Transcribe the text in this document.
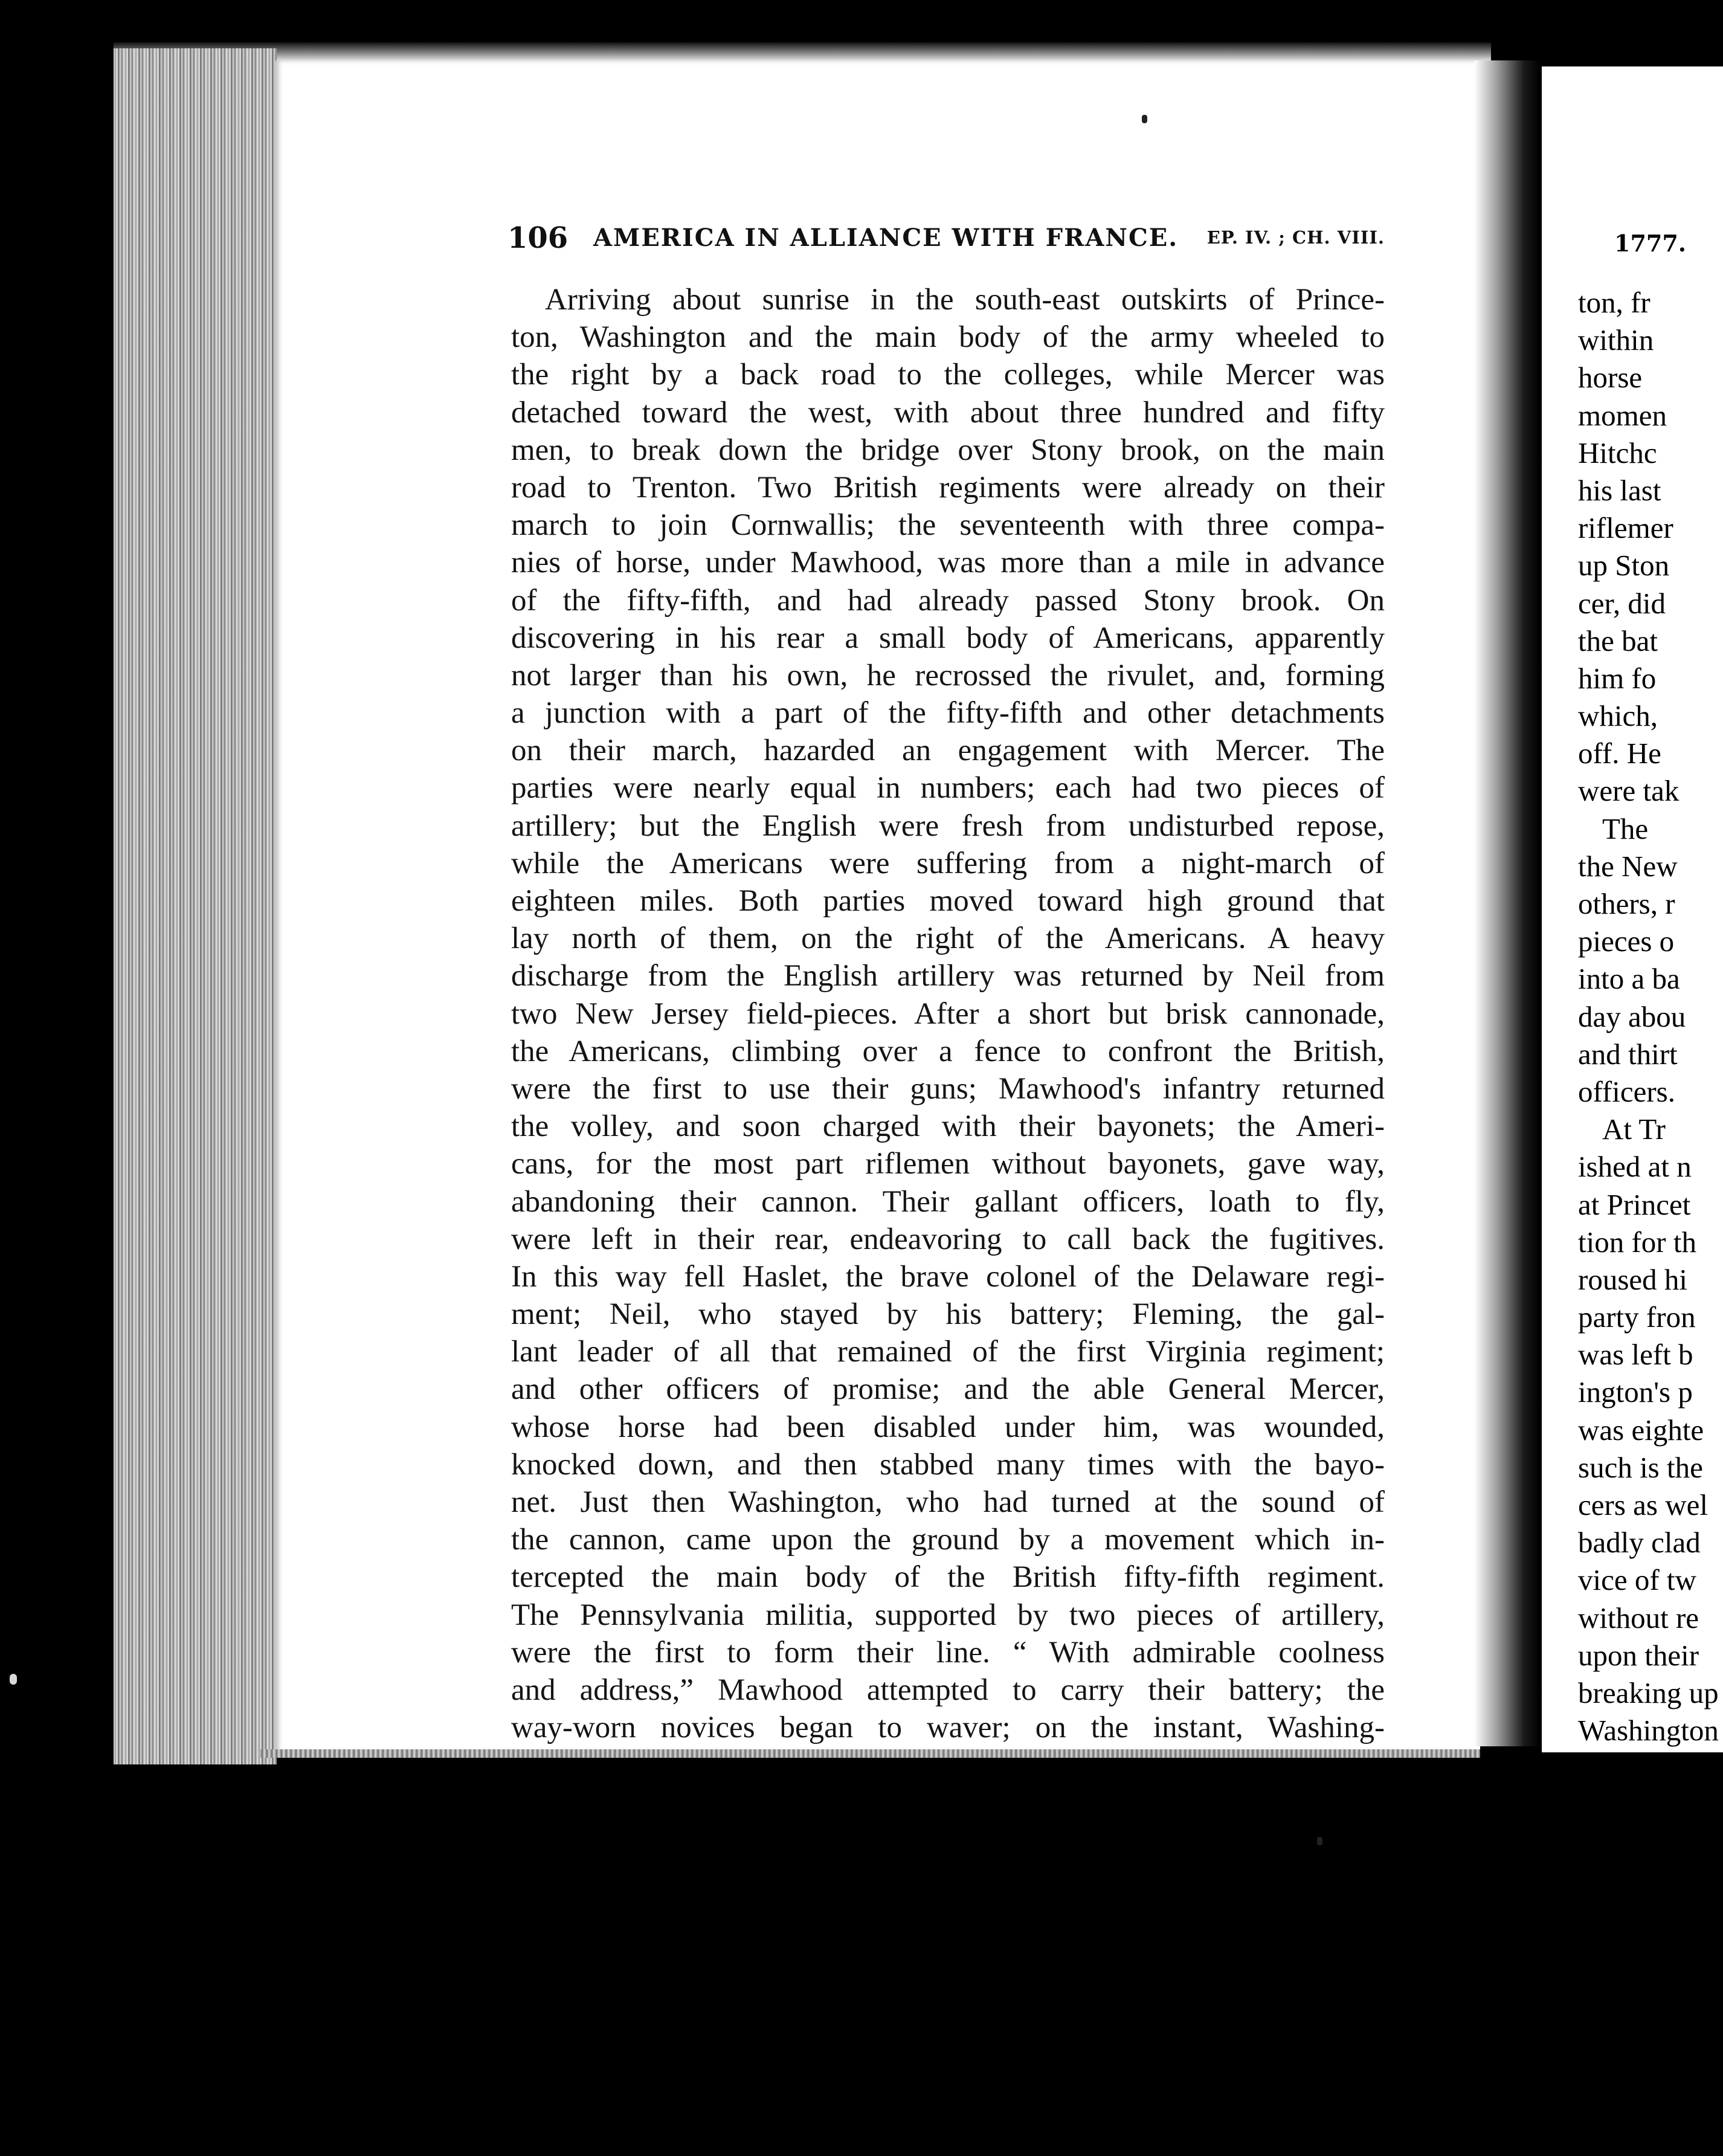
106 AMERICA IN ALLIANCE WITH FRANCE. EP. IV. ; CH. VIII.
Arriving about sunrise in the south-east outskirts of Prince-
ton, Washington and the main body of the army wheeled to
the right by a back road to the colleges, while Mercer was
detached toward the west, with about three hundred and fifty
men, to break down the bridge over Stony brook, on the main
road to Trenton. Two British regiments were already on their
march to join Cornwallis; the seventeenth with three compa-
nies of horse, under Mawhood, was more than a mile in advance
of the fifty-fifth, and had already passed Stony brook. On
discovering in his rear a small body of Americans, apparently
not larger than his own, he recrossed the rivulet, and, forming
a junction with a part of the fifty-fifth and other detachments
on their march, hazarded an engagement with Mercer. The
parties were nearly equal in numbers; each had two pieces of
artillery; but the English were fresh from undisturbed repose,
while the Americans were suffering from a night-march of
eighteen miles. Both parties moved toward high ground that
lay north of them, on the right of the Americans. A heavy
discharge from the English artillery was returned by Neil from
two New Jersey field-pieces. After a short but brisk cannonade,
the Americans, climbing over a fence to confront the British,
were the first to use their guns; Mawhood's infantry returned
the volley, and soon charged with their bayonets; the Ameri-
cans, for the most part riflemen without bayonets, gave way,
abandoning their cannon. Their gallant officers, loath to fly,
were left in their rear, endeavoring to call back the fugitives.
In this way fell Haslet, the brave colonel of the Delaware regi-
ment; Neil, who stayed by his battery; Fleming, the gal-
lant leader of all that remained of the first Virginia regiment;
and other officers of promise; and the able General Mercer,
whose horse had been disabled under him, was wounded,
knocked down, and then stabbed many times with the bayo-
net. Just then Washington, who had turned at the sound of
the cannon, came upon the ground by a movement which in-
tercepted the main body of the British fifty-fifth regiment.
The Pennsylvania militia, supported by two pieces of artillery,
were the first to form their line. “ With admirable coolness
and address,” Mawhood attempted to carry their battery; the
way-worn novices began to waver; on the instant, Washing-
1777.
ton, fr
within
horse
momen
Hitchc
his last
riflemer
up Ston
cer, did
the bat
him fo
which,
off. He
were tak
The
the New
others, r
pieces o
into a ba
day abou
and thirt
officers.
At Tr
ished at n
at Princet
tion for th
roused hi
party fron
was left b
ington's p
was eighte
such is the
cers as wel
badly clad
vice of tw
without re
upon their
breaking up
Washington
